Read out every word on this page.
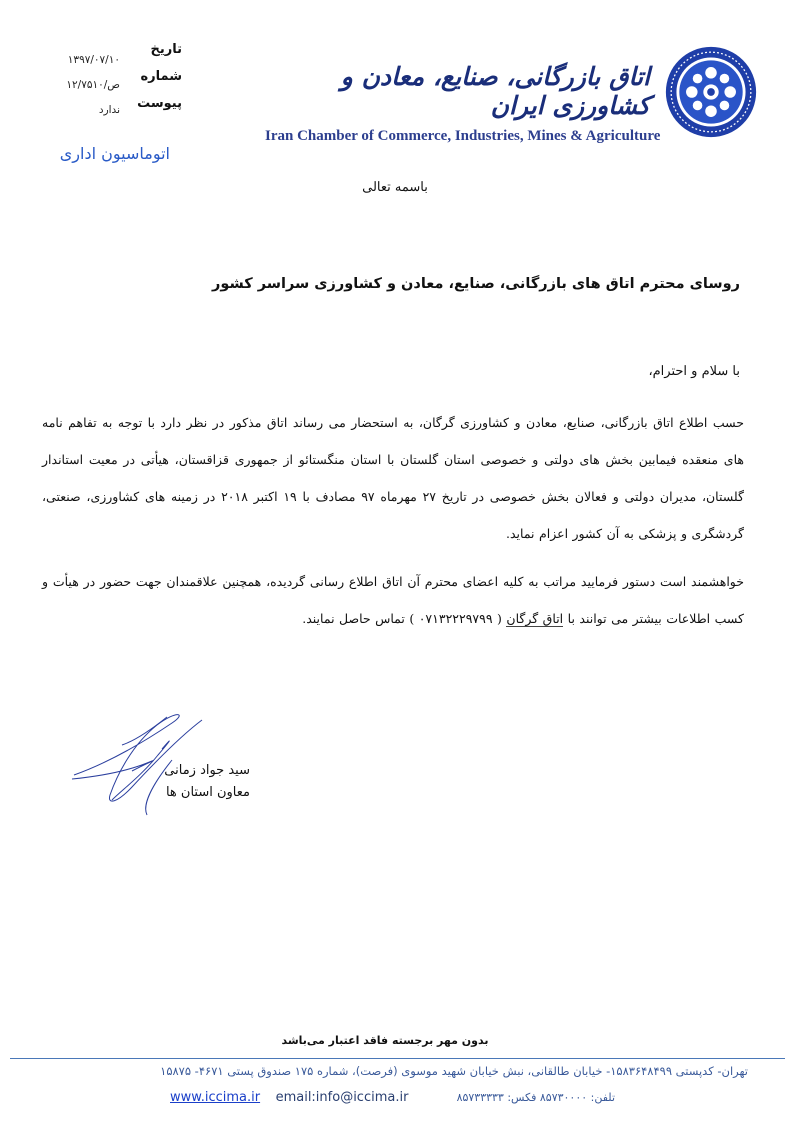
تاریخ
شماره
پیوست
۱۳۹۷/۰۷/۱۰
۱۲/۷۵۱۰/ص
ندارد
اتوماسیون اداری
اتاق بازرگانی، صنایع، معادن و کشاورزی ایران
Iran Chamber of Commerce, Industries, Mines & Agriculture
باسمه تعالی
روسای محترم اتاق های بازرگانی، صنایع، معادن و کشاورزی سراسر کشور
با سلام و احترام،
حسب اطلاع اتاق بازرگانی، صنایع، معادن و کشاورزی گرگان، به استحضار می رساند اتاق مذکور در نظر دارد با توجه به تفاهم نامه های منعقده فیمابین بخش های دولتی و خصوصی استان گلستان با استان منگستائو از جمهوری قزاقستان، هیأتی در معیت استاندار گلستان، مدیران دولتی و فعالان بخش خصوصی در تاریخ ۲۷ مهرماه ۹۷ مصادف با ۱۹ اکتبر ۲۰۱۸ در زمینه های کشاورزی، صنعتی، گردشگری و پزشکی به آن کشور اعزام نماید.
خواهشمند است دستور فرمایید مراتب به کلیه اعضای محترم آن اتاق اطلاع رسانی گردیده، همچنین علاقمندان جهت حضور در هیأت و کسب اطلاعات بیشتر می توانند با اتاق گرگان ( ۰۷۱۳۲۲۲۹۷۹۹ ) تماس حاصل نمایند.
سید جواد زمانی
معاون استان ها
بدون مهر برجسته فاقد اعتبار می‌باشد
تهران- کدپستی ۱۵۸۳۶۴۸۴۹۹- خیابان طالقانی، نبش خیابان شهید موسوی (فرصت)، شماره ۱۷۵ صندوق پستی ۴۶۷۱- ۱۵۸۷۵
www.iccima.ir email:info@iccima.ir	تلفن: ۸۵۷۳۰۰۰۰ فکس: ۸۵۷۳۳۳۳۳
